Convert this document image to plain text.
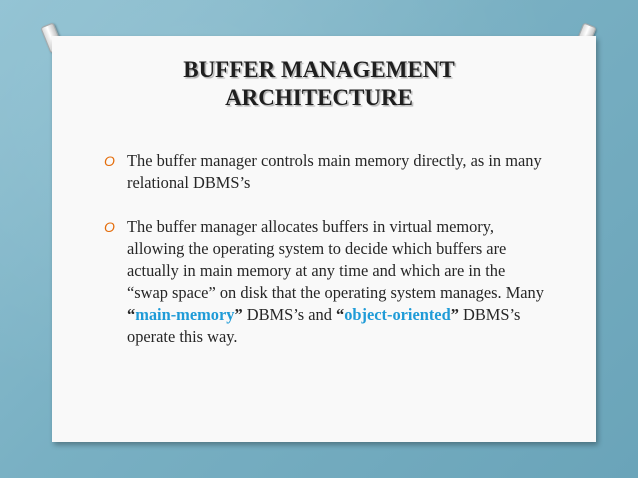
BUFFER MANAGEMENT
ARCHITECTURE
O The buffer manager controls main memory directly, as in many relational DBMS’s
O The buffer manager allocates buffers in virtual memory, allowing the operating system to decide which buffers are actually in main memory at any time and which are in the “swap space” on disk that the operating system manages. Many “main-memory” DBMS’s and “object-oriented” DBMS’s operate this way.
